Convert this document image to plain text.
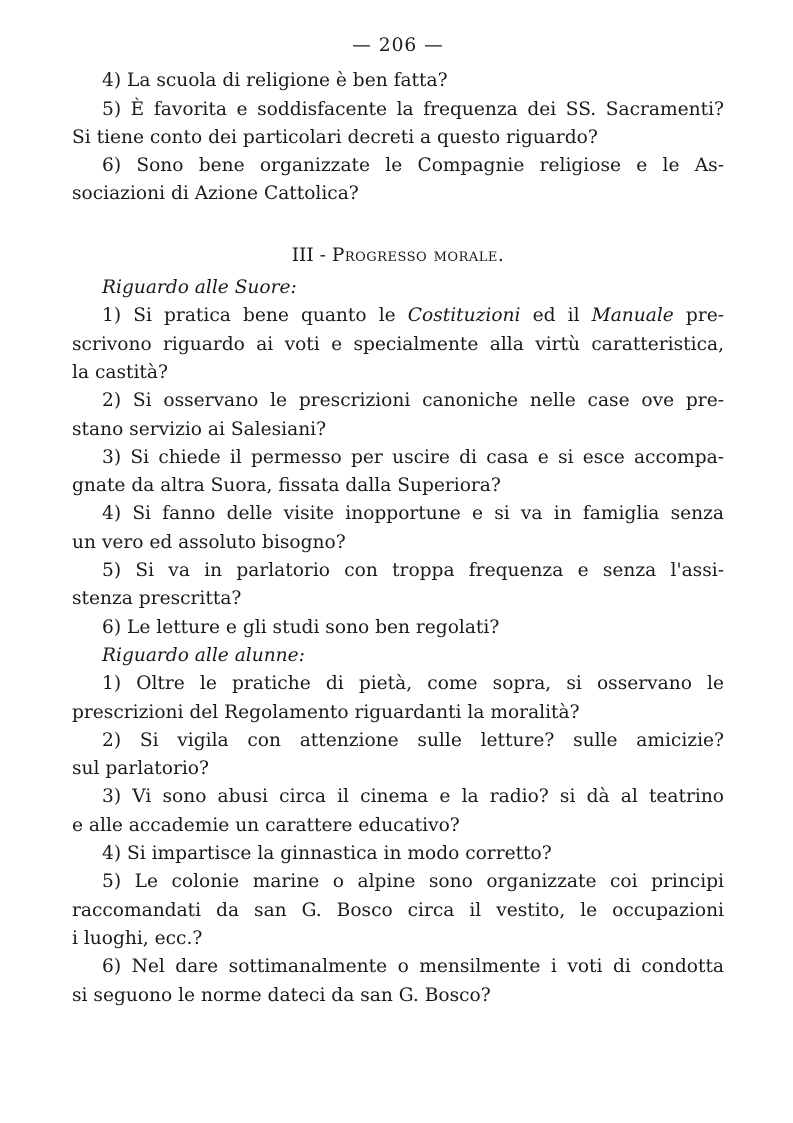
— 206 —
4) La scuola di religione è ben fatta?
5) È favorita e soddisfacente la frequenza dei SS. Sacramenti?
Si tiene conto dei particolari decreti a questo riguardo?
6) Sono bene organizzate le Compagnie religiose e le As-
sociazioni di Azione Cattolica?
III - Progresso morale.
Riguardo alle Suore:
1) Si pratica bene quanto le Costituzioni ed il Manuale pre-
scrivono riguardo ai voti e specialmente alla virtù caratteristica,
la castità?
2) Si osservano le prescrizioni canoniche nelle case ove pre-
stano servizio ai Salesiani?
3) Si chiede il permesso per uscire di casa e si esce accompa-
gnate da altra Suora, fissata dalla Superiora?
4) Si fanno delle visite inopportune e si va in famiglia senza
un vero ed assoluto bisogno?
5) Si va in parlatorio con troppa frequenza e senza l'assi-
stenza prescritta?
6) Le letture e gli studi sono ben regolati?
Riguardo alle alunne:
1) Oltre le pratiche di pietà, come sopra, si osservano le
prescrizioni del Regolamento riguardanti la moralità?
2) Si vigila con attenzione sulle letture? sulle amicizie?
sul parlatorio?
3) Vi sono abusi circa il cinema e la radio? si dà al teatrino
e alle accademie un carattere educativo?
4) Si impartisce la ginnastica in modo corretto?
5) Le colonie marine o alpine sono organizzate coi principi
raccomandati da san G. Bosco circa il vestito, le occupazioni
i luoghi, ecc.?
6) Nel dare sottimanalmente o mensilmente i voti di condotta
si seguono le norme dateci da san G. Bosco?
